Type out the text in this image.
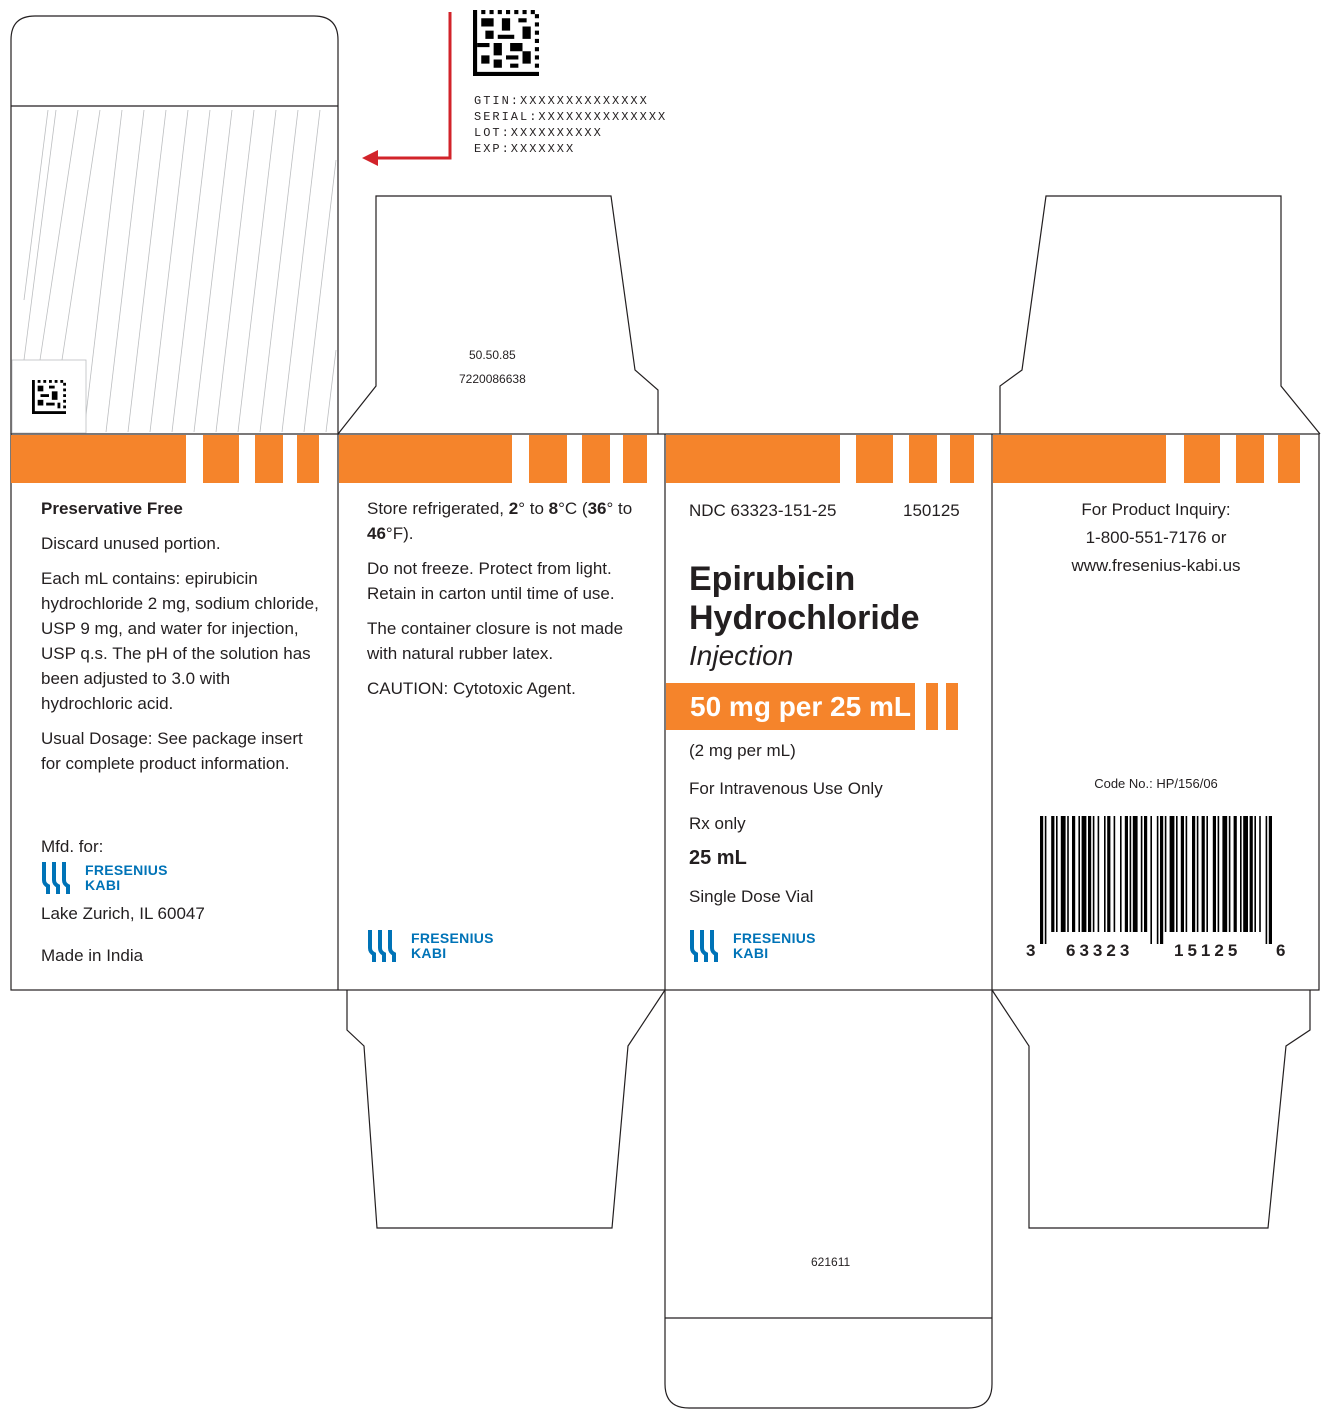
GTIN:XXXXXXXXXXXXXX
SERIAL:XXXXXXXXXXXXXX
LOT:XXXXXXXXXX
EXP:XXXXXXX
50.50.85
7220086638

Preservative Free

Discard unused portion.

Each mL contains: epirubicin hydrochloride 2 mg, sodium chloride, USP 9 mg, and water for injection, USP q.s. The pH of the solution has been adjusted to 3.0 with hydrochloric acid.

Usual Dosage: See package insert for complete product information.

Mfd. for:
FRESENIUS
KABI
Lake Zurich, IL 60047
Made in India

Store refrigerated, 2° to 8°C (36° to 46°F).

Do not freeze. Protect from light. Retain in carton until time of use.

The container closure is not made with natural rubber latex.

CAUTION: Cytotoxic Agent.

FRESENIUS
KABI
NDC 63323-151-25	150125
Epirubicin
Hydrochloride
Injection
50 mg per 25 mL
(2 mg per mL)
For Intravenous Use Only
Rx only
25 mL
Single Dose Vial
FRESENIUS
KABI
For Product Inquiry:
1-800-551-7176 or
www.fresenius-kabi.us
Code No.: HP/156/06
3 63323 15125 6
621611
